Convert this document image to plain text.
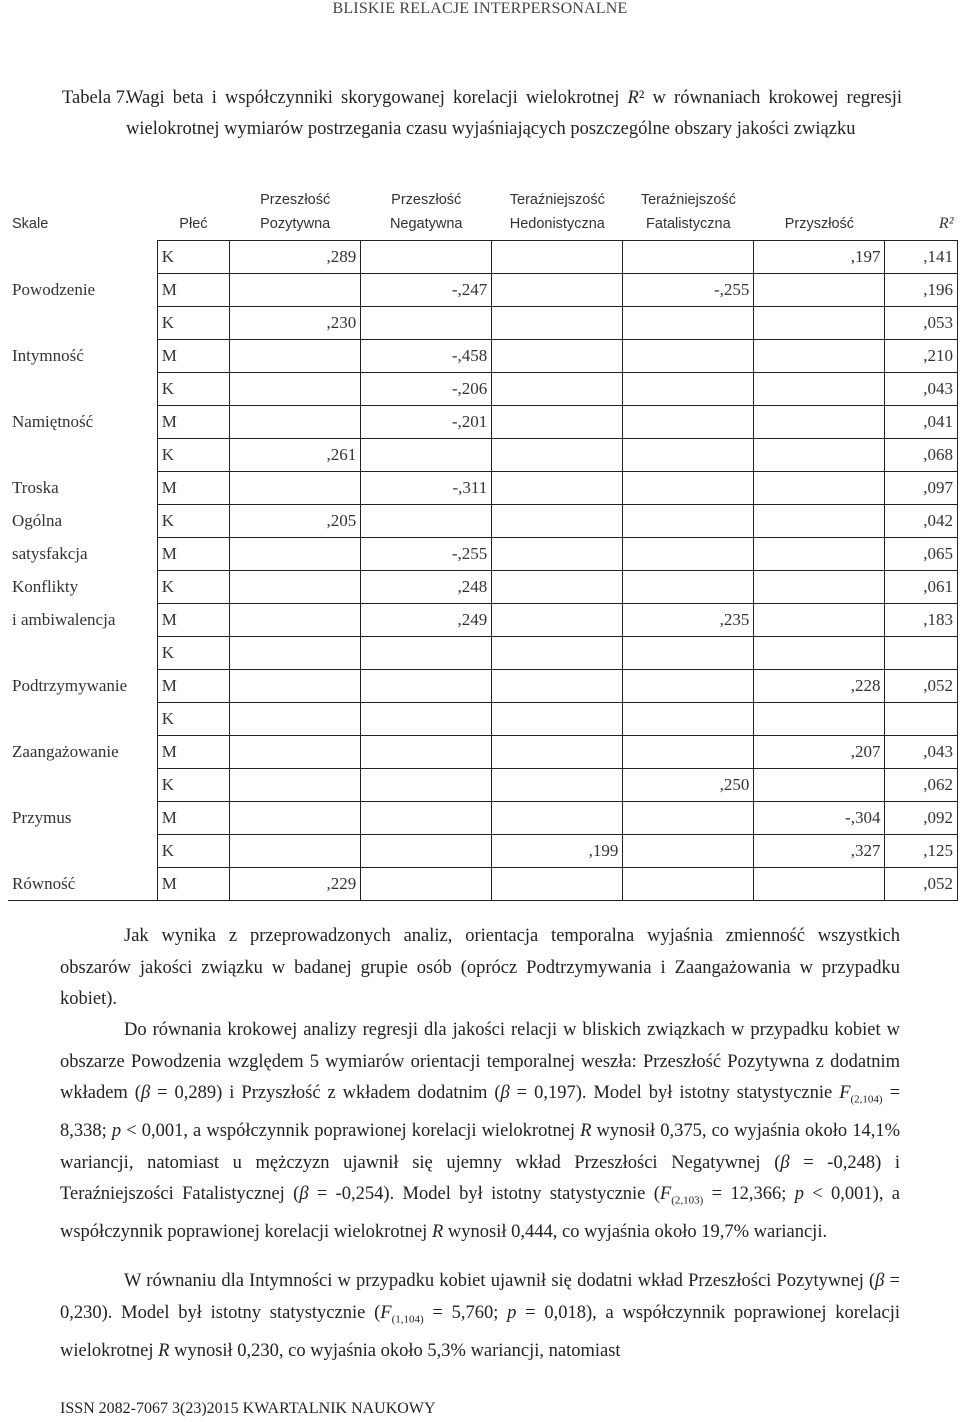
BLISKIE RELACJE INTERPERSONALNE
Tabela 7.
Wagi beta i współczynniki skorygowanej korelacji wielokrotnej R² w równaniach krokowej regresji wielokrotnej wymiarów postrzegania czasu wyjaśniających poszczególne obszary jakości związku
		Przeszłość	Przeszłość	Teraźniejszość	Teraźniejszość		
Skale	Płeć	Pozytywna	Negatywna	Hedonistyczna	Fatalistyczna	Przyszłość	R²
	K	,289				,197	,141
Powodzenie	M		-,247		-,255		,196
	K	,230					,053
Intymność	M		-,458				,210
	K		-,206				,043
Namiętność	M		-,201				,041
	K	,261					,068
Troska	M		-,311				,097
Ogólna	K	,205					,042
satysfakcja	M		-,255				,065
Konflikty	K		,248				,061
i ambiwalencja	M		,249		,235		,183
	K						
Podtrzymywanie	M					,228	,052
	K						
Zaangażowanie	M					,207	,043
	K				,250		,062
Przymus	M					-,304	,092
	K			,199		,327	,125
Równość	M	,229					,052
Jak wynika z przeprowadzonych analiz, orientacja temporalna wyjaśnia zmienność wszystkich obszarów jakości związku w badanej grupie osób (oprócz Podtrzymywania i Zaangażowania w przypadku kobiet).
Do równania krokowej analizy regresji dla jakości relacji w bliskich związkach w przypadku kobiet w obszarze Powodzenia względem 5 wymiarów orientacji temporalnej weszła: Przeszłość Pozytywna z dodatnim wkładem (β = 0,289) i Przyszłość z wkładem dodatnim (β = 0,197). Model był istotny statystycznie $F_{(2,104)} = 8,338$; p < 0,001, a współczynnik poprawionej korelacji wielokrotnej R wynosił 0,375, co wyjaśnia około 14,1% wariancji, natomiast u mężczyzn ujawnił się ujemny wkład Przeszłości Negatywnej (β = -0,248) i Teraźniejszości Fatalistycznej (β = -0,254). Model był istotny statystycznie ($F_{(2,103)} = 12,366$; p < 0,001), a współczynnik poprawionej korelacji wielokrotnej R wynosił 0,444, co wyjaśnia około 19,7% wariancji.
W równaniu dla Intymności w przypadku kobiet ujawnił się dodatni wkład Przeszłości Pozytywnej (β = 0,230). Model był istotny statystycznie ($F_{(1,104)} = 5,760$; p = 0,018), a współczynnik poprawionej korelacji wielokrotnej R wynosił 0,230, co wyjaśnia około 5,3% wariancji, natomiast
ISSN 2082-7067 3(23)2015 KWARTALNIK NAUKOWY
